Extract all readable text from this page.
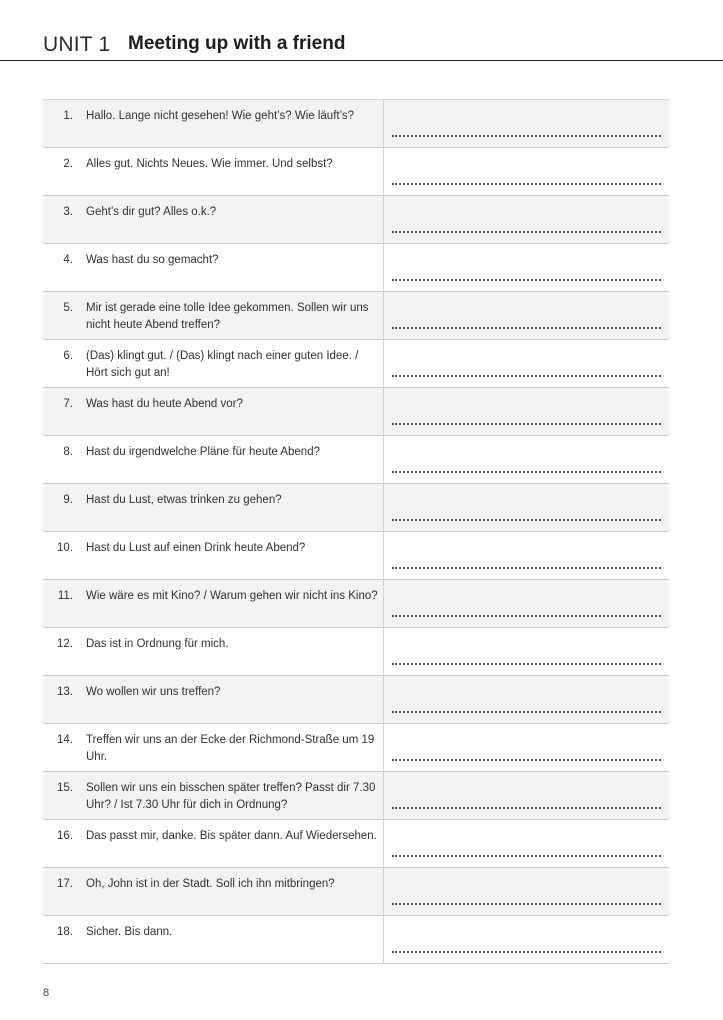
UNIT 1 Meeting up with a friend
1.	Hallo. Lange nicht gesehen! Wie geht’s? Wie läuft’s?
2.	Alles gut. Nichts Neues. Wie immer. Und selbst?
3.	Geht’s dir gut? Alles o.k.?
4.	Was hast du so gemacht?
5.	Mir ist gerade eine tolle Idee gekommen. Sollen wir uns nicht heute Abend treffen?
6.	(Das) klingt gut. / (Das) klingt nach einer guten Idee. / Hört sich gut an!
7.	Was hast du heute Abend vor?
8.	Hast du irgendwelche Pläne für heute Abend?
9.	Hast du Lust, etwas trinken zu gehen?
10.	Hast du Lust auf einen Drink heute Abend?
11.	Wie wäre es mit Kino? / Warum gehen wir nicht ins Kino?
12.	Das ist in Ordnung für mich.
13.	Wo wollen wir uns treffen?
14.	Treffen wir uns an der Ecke der Richmond-Straße um 19 Uhr.
15.	Sollen wir uns ein bisschen später treffen? Passt dir 7.30 Uhr? / Ist 7.30 Uhr für dich in Ordnung?
16.	Das passt mir, danke. Bis später dann. Auf Wiedersehen.
17.	Oh, John ist in der Stadt. Soll ich ihn mitbringen?
18.	Sicher. Bis dann.
8
